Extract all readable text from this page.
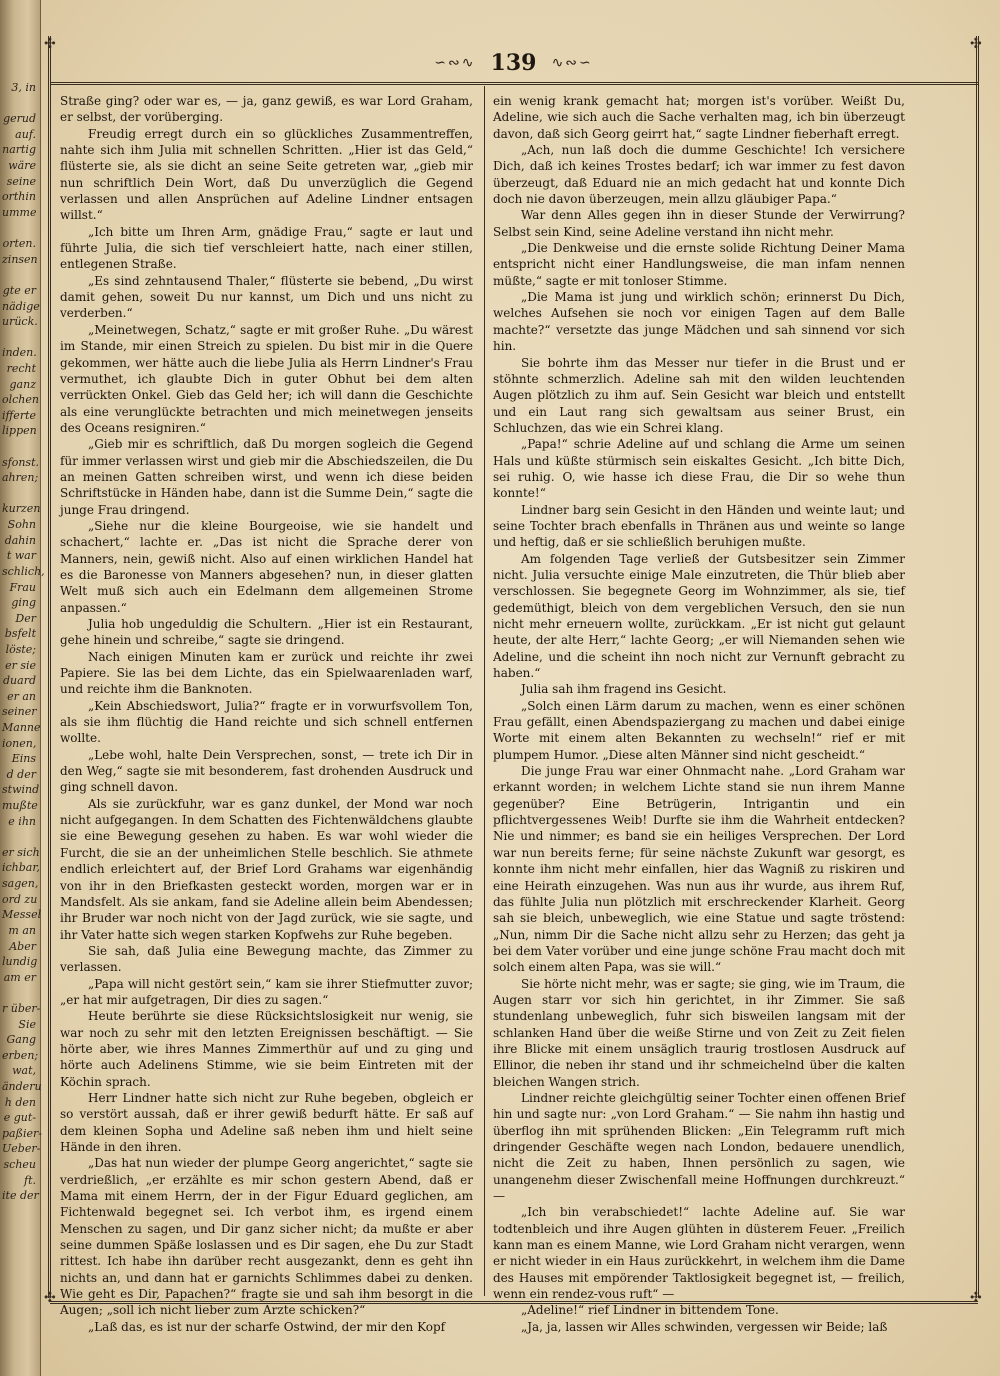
3, in

gerud
auf.
nartig
wäre
seine
orthin
umme

orten.
zinsen

gte er
nädige
urück.

inden.
recht
ganz
olchen
ifferte
lippen

sfonst.
ahren;

kurzen
Sohn
dahin
t war
schlich,
Frau
ging
Der
bsfelt
löste;
er sie
duard
er an
seiner
Manne
ionen,
Eins
d der
stwind
mußte
e ihn

er sich
ichbar,
sagen,
ord zu
Messel
m an
Aber
lundig
am er

r über-
Sie
Gang
erben;
wat,
änderu
h den
e gut-
paßier-
Ueber-
scheu
ft.
ite der
✣	✣
✣	✣
∽∾∿ 139 ∿∾∽

Straße ging? oder war es, — ja, ganz gewiß, es war Lord Graham, er selbst, der vorüberging.

Freudig erregt durch ein so glückliches Zusammentreffen, nahte sich ihm Julia mit schnellen Schritten. „Hier ist das Geld,“ flüsterte sie, als sie dicht an seine Seite getreten war, „gieb mir nun schriftlich Dein Wort, daß Du unverzüglich die Gegend verlassen und allen Ansprüchen auf Adeline Lindner entsagen willst.“

„Ich bitte um Ihren Arm, gnädige Frau,“ sagte er laut und führte Julia, die sich tief verschleiert hatte, nach einer stillen, entlegenen Straße.

„Es sind zehntausend Thaler,“ flüsterte sie bebend, „Du wirst damit gehen, soweit Du nur kannst, um Dich und uns nicht zu verderben.“

„Meinetwegen, Schatz,“ sagte er mit großer Ruhe. „Du wärest im Stande, mir einen Streich zu spielen. Du bist mir in die Quere gekommen, wer hätte auch die liebe Julia als Herrn Lindner's Frau vermuthet, ich glaubte Dich in guter Obhut bei dem alten verrückten Onkel. Gieb das Geld her; ich will dann die Geschichte als eine verunglückte betrachten und mich meinetwegen jenseits des Oceans resigniren.“

„Gieb mir es schriftlich, daß Du morgen sogleich die Gegend für immer verlassen wirst und gieb mir die Abschiedszeilen, die Du an meinen Gatten schreiben wirst, und wenn ich diese beiden Schriftstücke in Händen habe, dann ist die Summe Dein,“ sagte die junge Frau dringend.

„Siehe nur die kleine Bourgeoise, wie sie handelt und schachert,“ lachte er. „Das ist nicht die Sprache derer von Manners, nein, gewiß nicht. Also auf einen wirklichen Handel hat es die Baronesse von Manners abgesehen? nun, in dieser glatten Welt muß sich auch ein Edelmann dem allgemeinen Strome anpassen.“

Julia hob ungeduldig die Schultern. „Hier ist ein Restaurant, gehe hinein und schreibe,“ sagte sie dringend.

Nach einigen Minuten kam er zurück und reichte ihr zwei Papiere. Sie las bei dem Lichte, das ein Spielwaarenladen warf, und reichte ihm die Banknoten.

„Kein Abschiedswort, Julia?“ fragte er in vorwurfsvollem Ton, als sie ihm flüchtig die Hand reichte und sich schnell entfernen wollte.

„Lebe wohl, halte Dein Versprechen, sonst, — trete ich Dir in den Weg,“ sagte sie mit besonderem, fast drohenden Ausdruck und ging schnell davon.

Als sie zurückfuhr, war es ganz dunkel, der Mond war noch nicht aufgegangen. In dem Schatten des Fichtenwäldchens glaubte sie eine Bewegung gesehen zu haben. Es war wohl wieder die Furcht, die sie an der unheimlichen Stelle beschlich. Sie athmete endlich erleichtert auf, der Brief Lord Grahams war eigenhändig von ihr in den Briefkasten gesteckt worden, morgen war er in Mandsfelt. Als sie ankam, fand sie Adeline allein beim Abendessen; ihr Bruder war noch nicht von der Jagd zurück, wie sie sagte, und ihr Vater hatte sich wegen starken Kopfwehs zur Ruhe begeben.

Sie sah, daß Julia eine Bewegung machte, das Zimmer zu verlassen.

„Papa will nicht gestört sein,“ kam sie ihrer Stiefmutter zuvor; „er hat mir aufgetragen, Dir dies zu sagen.“

Heute berührte sie diese Rücksichtslosigkeit nur wenig, sie war noch zu sehr mit den letzten Ereignissen beschäftigt. — Sie hörte aber, wie ihres Mannes Zimmerthür auf und zu ging und hörte auch Adelinens Stimme, wie sie beim Eintreten mit der Köchin sprach.

Herr Lindner hatte sich nicht zur Ruhe begeben, obgleich er so verstört aussah, daß er ihrer gewiß bedurft hätte. Er saß auf dem kleinen Sopha und Adeline saß neben ihm und hielt seine Hände in den ihren.

„Das hat nun wieder der plumpe Georg angerichtet,“ sagte sie verdrießlich, „er erzählte es mir schon gestern Abend, daß er Mama mit einem Herrn, der in der Figur Eduard geglichen, am Fichtenwald begegnet sei. Ich verbot ihm, es irgend einem Menschen zu sagen, und Dir ganz sicher nicht; da mußte er aber seine dummen Späße loslassen und es Dir sagen, ehe Du zur Stadt rittest. Ich habe ihn darüber recht ausgezankt, denn es geht ihn nichts an, und dann hat er garnichts Schlimmes dabei zu denken. Wie geht es Dir, Papachen?“ fragte sie und sah ihm besorgt in die Augen; „soll ich nicht lieber zum Arzte schicken?“

„Laß das, es ist nur der scharfe Ostwind, der mir den Kopf

ein wenig krank gemacht hat; morgen ist's vorüber. Weißt Du, Adeline, wie sich auch die Sache verhalten mag, ich bin überzeugt davon, daß sich Georg geirrt hat,“ sagte Lindner fieberhaft erregt.

„Ach, nun laß doch die dumme Geschichte! Ich versichere Dich, daß ich keines Trostes bedarf; ich war immer zu fest davon überzeugt, daß Eduard nie an mich gedacht hat und konnte Dich doch nie davon überzeugen, mein allzu gläubiger Papa.“

War denn Alles gegen ihn in dieser Stunde der Verwirrung? Selbst sein Kind, seine Adeline verstand ihn nicht mehr.

„Die Denkweise und die ernste solide Richtung Deiner Mama entspricht nicht einer Handlungsweise, die man infam nennen müßte,“ sagte er mit tonloser Stimme.

„Die Mama ist jung und wirklich schön; erinnerst Du Dich, welches Aufsehen sie noch vor einigen Tagen auf dem Balle machte?“ versetzte das junge Mädchen und sah sinnend vor sich hin.

Sie bohrte ihm das Messer nur tiefer in die Brust und er stöhnte schmerzlich. Adeline sah mit den wilden leuchtenden Augen plötzlich zu ihm auf. Sein Gesicht war bleich und entstellt und ein Laut rang sich gewaltsam aus seiner Brust, ein Schluchzen, das wie ein Schrei klang.

„Papa!“ schrie Adeline auf und schlang die Arme um seinen Hals und küßte stürmisch sein eiskaltes Gesicht. „Ich bitte Dich, sei ruhig. O, wie hasse ich diese Frau, die Dir so wehe thun konnte!“

Lindner barg sein Gesicht in den Händen und weinte laut; und seine Tochter brach ebenfalls in Thränen aus und weinte so lange und heftig, daß er sie schließlich beruhigen mußte.

Am folgenden Tage verließ der Gutsbesitzer sein Zimmer nicht. Julia versuchte einige Male einzutreten, die Thür blieb aber verschlossen. Sie begegnete Georg im Wohnzimmer, als sie, tief gedemüthigt, bleich von dem vergeblichen Versuch, den sie nun nicht mehr erneuern wollte, zurückkam. „Er ist nicht gut gelaunt heute, der alte Herr,“ lachte Georg; „er will Niemanden sehen wie Adeline, und die scheint ihn noch nicht zur Vernunft gebracht zu haben.“

Julia sah ihm fragend ins Gesicht.

„Solch einen Lärm darum zu machen, wenn es einer schönen Frau gefällt, einen Abendspaziergang zu machen und dabei einige Worte mit einem alten Bekannten zu wechseln!“ rief er mit plumpem Humor. „Diese alten Männer sind nicht gescheidt.“

Die junge Frau war einer Ohnmacht nahe. „Lord Graham war erkannt worden; in welchem Lichte stand sie nun ihrem Manne gegenüber? Eine Betrügerin, Intrigantin und ein pflichtvergessenes Weib! Durfte sie ihm die Wahrheit entdecken? Nie und nimmer; es band sie ein heiliges Versprechen. Der Lord war nun bereits ferne; für seine nächste Zukunft war gesorgt, es konnte ihm nicht mehr einfallen, hier das Wagniß zu riskiren und eine Heirath einzugehen. Was nun aus ihr wurde, aus ihrem Ruf, das fühlte Julia nun plötzlich mit erschreckender Klarheit. Georg sah sie bleich, unbeweglich, wie eine Statue und sagte tröstend: „Nun, nimm Dir die Sache nicht allzu sehr zu Herzen; das geht ja bei dem Vater vorüber und eine junge schöne Frau macht doch mit solch einem alten Papa, was sie will.“

Sie hörte nicht mehr, was er sagte; sie ging, wie im Traum, die Augen starr vor sich hin gerichtet, in ihr Zimmer. Sie saß stundenlang unbeweglich, fuhr sich bisweilen langsam mit der schlanken Hand über die weiße Stirne und von Zeit zu Zeit fielen ihre Blicke mit einem unsäglich traurig trostlosen Ausdruck auf Ellinor, die neben ihr stand und ihr schmeichelnd über die kalten bleichen Wangen strich.

Lindner reichte gleichgültig seiner Tochter einen offenen Brief hin und sagte nur: „von Lord Graham.“ — Sie nahm ihn hastig und überflog ihn mit sprühenden Blicken: „Ein Telegramm ruft mich dringender Geschäfte wegen nach London, bedauere unendlich, nicht die Zeit zu haben, Ihnen persönlich zu sagen, wie unangenehm dieser Zwischenfall meine Hoffnungen durchkreuzt.“ —

„Ich bin verabschiedet!“ lachte Adeline auf. Sie war todtenbleich und ihre Augen glühten in düsterem Feuer. „Freilich kann man es einem Manne, wie Lord Graham nicht verargen, wenn er nicht wieder in ein Haus zurückkehrt, in welchem ihm die Dame des Hauses mit empörender Taktlosigkeit begegnet ist, — freilich, wenn ein rendez-vous ruft“ —

„Adeline!“ rief Lindner in bittendem Tone.

„Ja, ja, lassen wir Alles schwinden, vergessen wir Beide; laß
